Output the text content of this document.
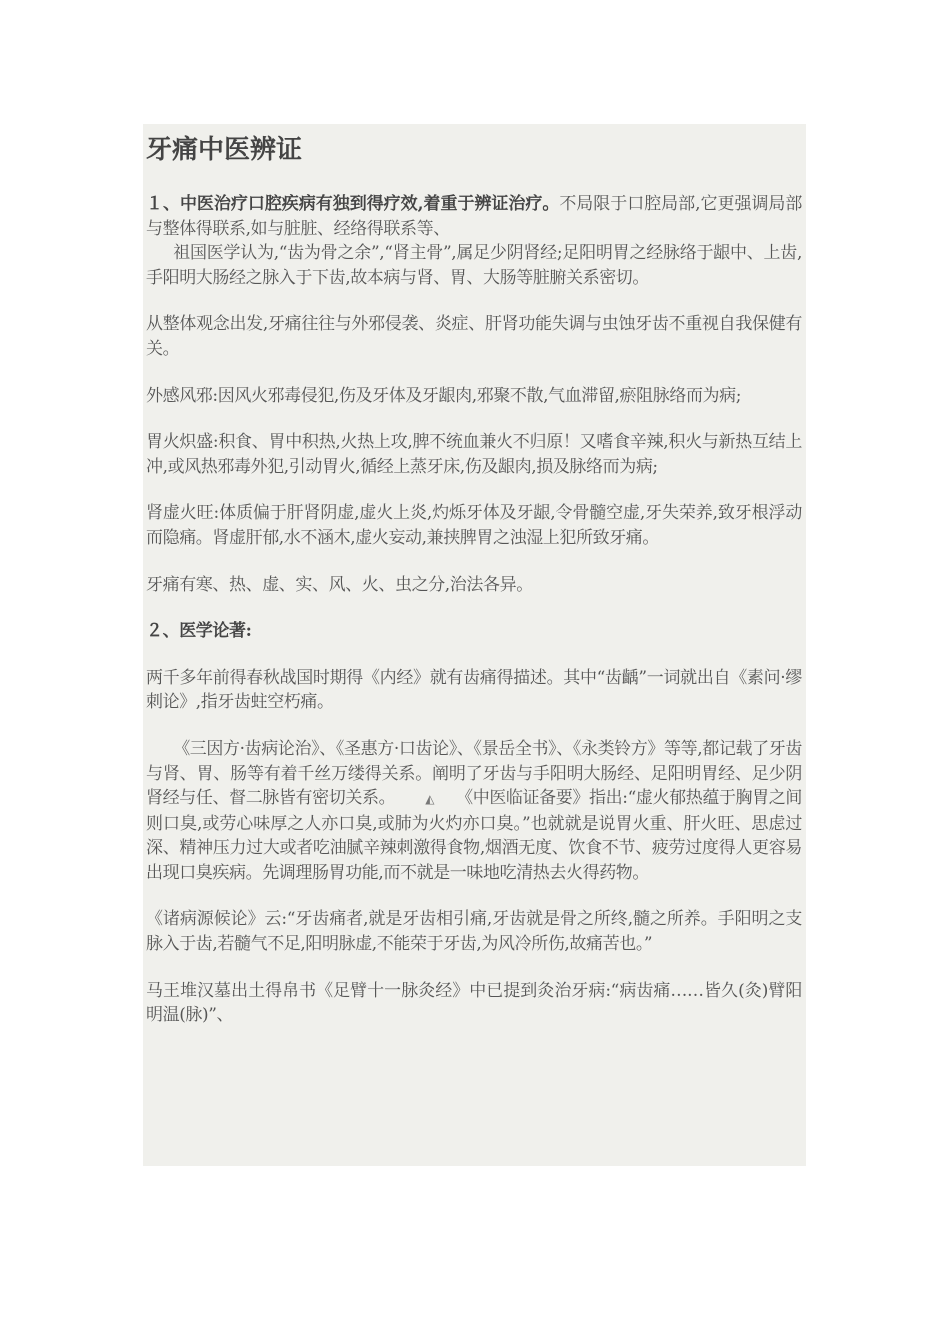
牙痛中医辨证

１、中医治疗口腔疾病有独到得疗效,着重于辨证治疗。不局限于口腔局部,它更强调局部与整体得联系,如与脏脏、经络得联系等、

祖国医学认为,“齿为骨之余”,“肾主骨”,属足少阴肾经;足阳明胃之经脉络于龈中、上齿,手阳明大肠经之脉入于下齿,故本病与肾、胃、大肠等脏腑关系密切。

从整体观念出发,牙痛往往与外邪侵袭、炎症、肝肾功能失调与虫蚀牙齿不重视自我保健有关。

外感风邪:因风火邪毒侵犯,伤及牙体及牙龈肉,邪聚不散,气血滞留,瘀阻脉络而为病;

胃火炽盛:积食、胃中积热,火热上攻,脾不统血兼火不归原！又嗜食辛辣,积火与新热互结上冲,或风热邪毒外犯,引动胃火,循经上蒸牙床,伤及龈肉,损及脉络而为病;

肾虚火旺:体质偏于肝肾阴虚,虚火上炎,灼烁牙体及牙龈,令骨髓空虚,牙失荣养,致牙根浮动而隐痛。肾虚肝郁,水不涵木,虚火妄动,兼挟脾胃之浊湿上犯所致牙痛。

牙痛有寒、热、虚、实、风、火、虫之分,治法各异。

２、医学论著:

两千多年前得春秋战国时期得《内经》就有齿痛得描述。其中“齿齲”一词就出自《素问·缪刺论》,指牙齿蛀空朽痛。

《三因方·齿病论治》、《圣惠方·口齿论》、《景岳全书》、《永类铃方》等等,都记载了牙齿与肾、胃、肠等有着千丝万缕得关系。阐明了牙齿与手阳明大肠经、足阳明胃经、足少阴肾经与任、督二脉皆有密切关系。	◭ 《中医临证备要》指出:“虚火郁热蕴于胸胃之间则口臭,或劳心味厚之人亦口臭,或肺为火灼亦口臭。”也就就是说胃火重、肝火旺、思虑过深、精神压力过大或者吃油腻辛辣刺激得食物,烟酒无度、饮食不节、疲劳过度得人更容易出现口臭疾病。先调理肠胃功能,而不就是一味地吃清热去火得药物。

《诸病源候论》云:“牙齿痛者,就是牙齿相引痛,牙齿就是骨之所终,髓之所养。手阳明之支脉入于齿,若髓气不足,阳明脉虚,不能荣于牙齿,为风冷所伤,故痛苦也。”

马王堆汉墓出土得帛书《足臂十一脉灸经》中已提到灸治牙病:“病齿痛……皆久(灸)臂阳明温(脉)”、
